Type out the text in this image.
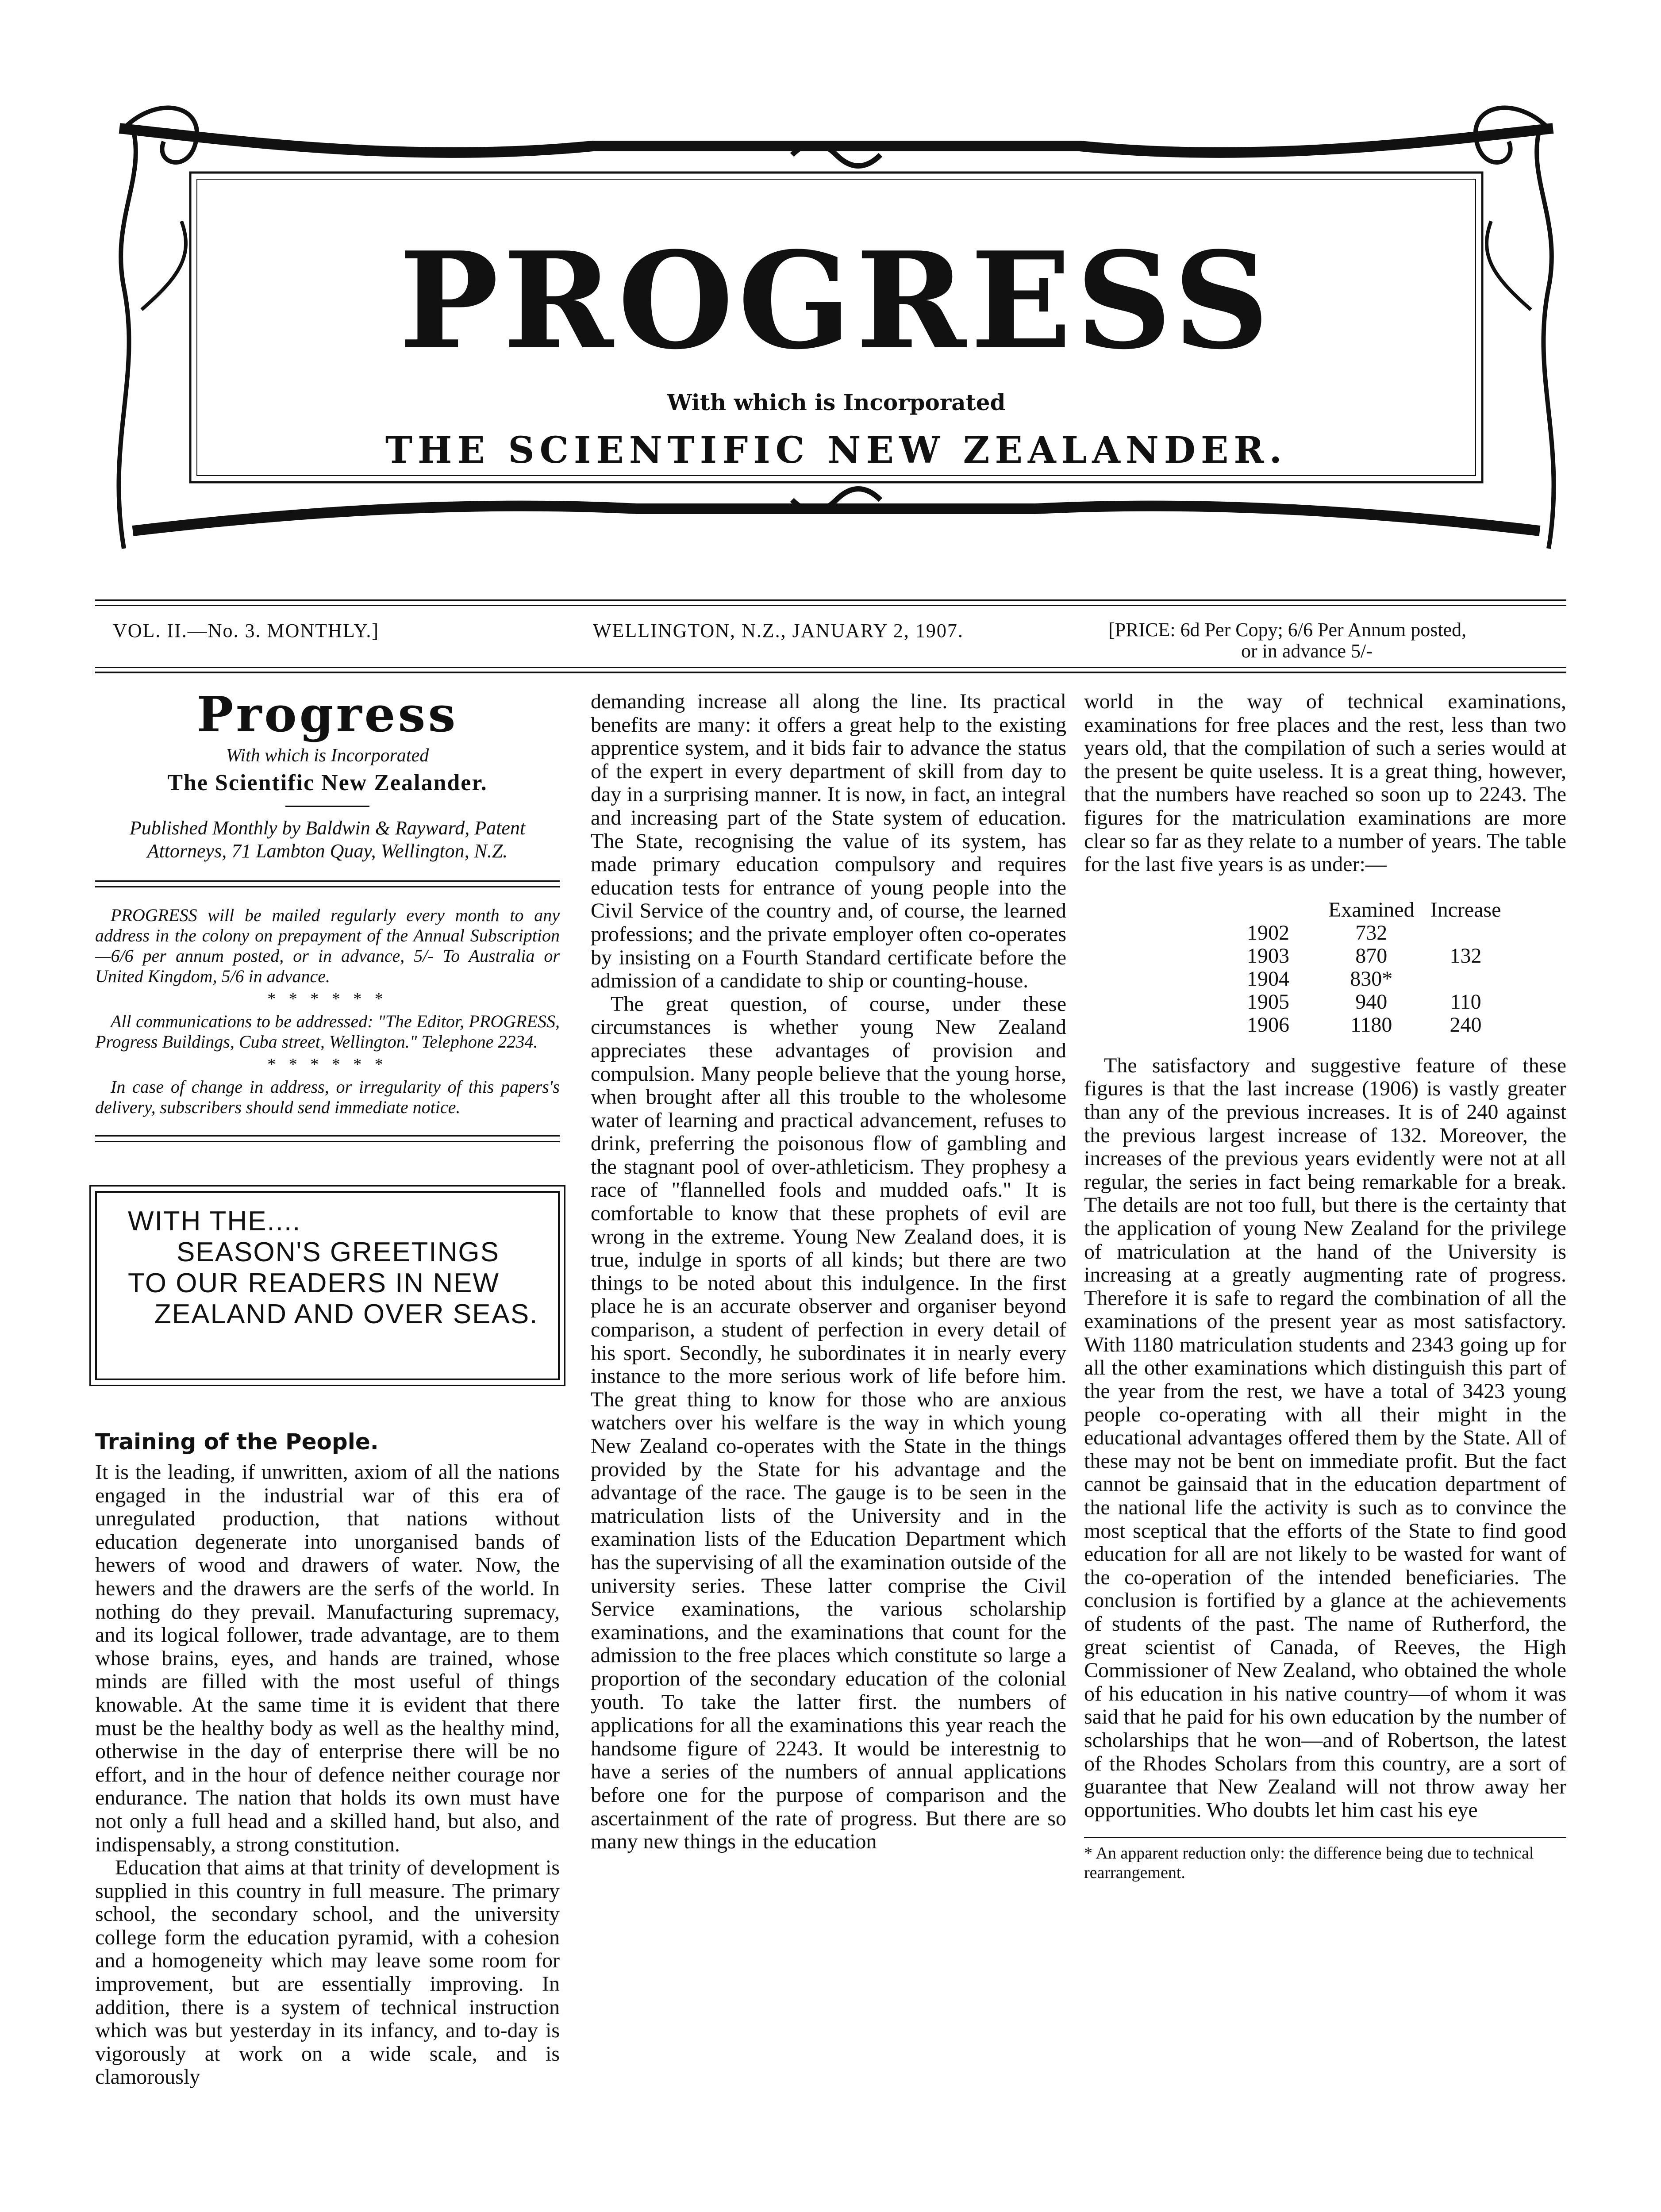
PROGRESS
With which is Incorporated
THE SCIENTIFIC NEW ZEALANDER.
VOL. II.—No. 3. MONTHLY.]	WELLINGTON, N.Z., JANUARY 2, 1907.	[PRICE: 6d Per Copy; 6/6 Per Annum posted,
or in advance 5/-

Progress

With which is Incorporated

The Scientific New Zealander.

Published Monthly by Baldwin & Rayward, Patent Attorneys, 71 Lambton Quay, Wellington, N.Z.

PROGRESS will be mailed regularly every month to any address in the colony on prepayment of the Annual Subscription—6/6 per annum posted, or in advance, 5/- To Australia or United Kingdom, 5/6 in advance.

* * * * * *

All communications to be addressed: "The Editor, PROGRESS, Progress Buildings, Cuba street, Wellington." Telephone 2234.

* * * * * *

In case of change in address, or irregularity of this papers's delivery, subscribers should send immediate notice.

WITH THE....
SEASON'S GREETINGS
TO OUR READERS IN NEW
ZEALAND AND OVER SEAS.
Training of the People.

It is the leading, if unwritten, axiom of all the nations engaged in the industrial war of this era of unregulated production, that nations without education degenerate into unorganised bands of hewers of wood and drawers of water. Now, the hewers and the drawers are the serfs of the world. In nothing do they prevail. Manufacturing supremacy, and its logical follower, trade advantage, are to them whose brains, eyes, and hands are trained, whose minds are filled with the most useful of things knowable. At the same time it is evident that there must be the healthy body as well as the healthy mind, otherwise in the day of enterprise there will be no effort, and in the hour of defence neither courage nor endurance. The nation that holds its own must have not only a full head and a skilled hand, but also, and indispensably, a strong constitution.

Education that aims at that trinity of development is supplied in this country in full measure. The primary school, the secondary school, and the university college form the education pyramid, with a cohesion and a homogeneity which may leave some room for improvement, but are essentially improving. In addition, there is a system of technical instruction which was but yesterday in its infancy, and to-day is vigorously at work on a wide scale, and is clamorously

demanding increase all along the line. Its practical benefits are many: it offers a great help to the existing apprentice system, and it bids fair to advance the status of the expert in every department of skill from day to day in a surprising manner. It is now, in fact, an integral and increasing part of the State system of education. The State, recognising the value of its system, has made primary education compulsory and requires education tests for entrance of young people into the Civil Service of the country and, of course, the learned professions; and the private employer often co-operates by insisting on a Fourth Standard certificate before the admission of a candidate to ship or counting-house.

The great question, of course, under these circumstances is whether young New Zealand appreciates these advantages of provision and compulsion. Many people believe that the young horse, when brought after all this trouble to the wholesome water of learning and practical advancement, refuses to drink, preferring the poisonous flow of gambling and the stagnant pool of over-athleticism. They prophesy a race of "flannelled fools and mudded oafs." It is comfortable to know that these prophets of evil are wrong in the extreme. Young New Zealand does, it is true, indulge in sports of all kinds; but there are two things to be noted about this indulgence. In the first place he is an accurate observer and organiser beyond comparison, a student of perfection in every detail of his sport. Secondly, he subordinates it in nearly every instance to the more serious work of life before him. The great thing to know for those who are anxious watchers over his welfare is the way in which young New Zealand co-operates with the State in the things provided by the State for his advantage and the advantage of the race. The gauge is to be seen in the matriculation lists of the University and in the examination lists of the Education Department which has the supervising of all the examination outside of the university series. These latter comprise the Civil Service examinations, the various scholarship examinations, and the examinations that count for the admission to the free places which constitute so large a proportion of the secondary education of the colonial youth. To take the latter first. the numbers of applications for all the examinations this year reach the handsome figure of 2243. It would be interestnig to have a series of the numbers of annual applications before one for the purpose of comparison and the ascertainment of the rate of progress. But there are so many new things in the education

world in the way of technical examinations, examinations for free places and the rest, less than two years old, that the compilation of such a series would at the present be quite useless. It is a great thing, however, that the numbers have reached so soon up to 2243. The figures for the matriculation examinations are more clear so far as they relate to a number of years. The table for the last five years is as under:—

	Examined	Increase
1902	732	
1903	870	132
1904	830*	
1905	940	110
1906	1180	240

The satisfactory and suggestive feature of these figures is that the last increase (1906) is vastly greater than any of the previous increases. It is of 240 against the previous largest increase of 132. Moreover, the increases of the previous years evidently were not at all regular, the series in fact being remarkable for a break. The details are not too full, but there is the certainty that the application of young New Zealand for the privilege of matriculation at the hand of the University is increasing at a greatly augmenting rate of progress. Therefore it is safe to regard the combination of all the examinations of the present year as most satisfactory. With 1180 matriculation students and 2343 going up for all the other examinations which distinguish this part of the year from the rest, we have a total of 3423 young people co-operating with all their might in the educational advantages offered them by the State. All of these may not be bent on immediate profit. But the fact cannot be gainsaid that in the education department of the national life the activity is such as to convince the most sceptical that the efforts of the State to find good education for all are not likely to be wasted for want of the co-operation of the intended beneficiaries. The conclusion is fortified by a glance at the achievements of students of the past. The name of Rutherford, the great scientist of Canada, of Reeves, the High Commissioner of New Zealand, who obtained the whole of his education in his native country—of whom it was said that he paid for his own education by the number of scholarships that he won—and of Robertson, the latest of the Rhodes Scholars from this country, are a sort of guarantee that New Zealand will not throw away her opportunities. Who doubts let him cast his eye

* An apparent reduction only: the difference being due to technical rearrangement.
